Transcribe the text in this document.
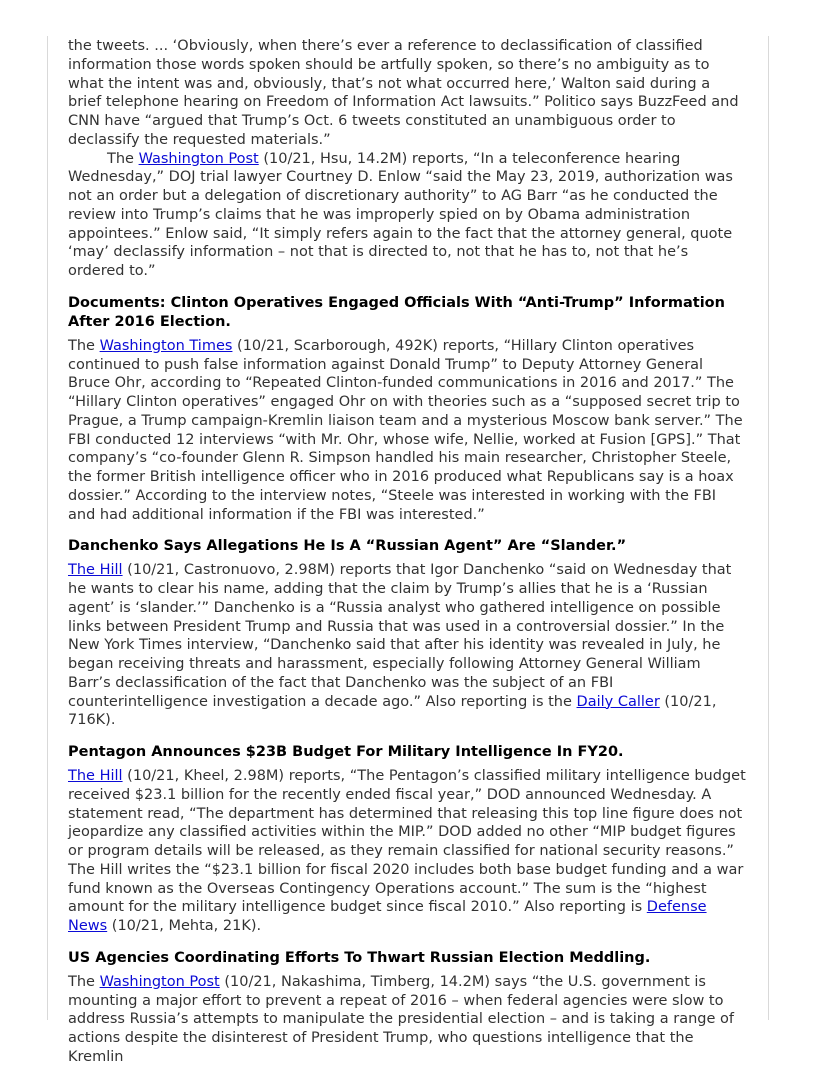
the tweets. ... ‘Obviously, when there’s ever a reference to declassification of classified information those words spoken should be artfully spoken, so there’s no ambiguity as to what the intent was and, obviously, that’s not what occurred here,’ Walton said during a brief telephone hearing on Freedom of Information Act lawsuits.” Politico says BuzzFeed and CNN have “argued that Trump’s Oct. 6 tweets constituted an unambiguous order to declassify the requested materials.”

The Washington Post (10/21, Hsu, 14.2M) reports, “In a teleconference hearing Wednesday,” DOJ trial lawyer Courtney D. Enlow “said the May 23, 2019, authorization was not an order but a delegation of discretionary authority” to AG Barr “as he conducted the review into Trump’s claims that he was improperly spied on by Obama administration appointees.” Enlow said, “It simply refers again to the fact that the attorney general, quote ‘may’ declassify information – not that is directed to, not that he has to, not that he’s ordered to.”

Documents: Clinton Operatives Engaged Officials With “Anti-Trump” Information After 2016 Election.

The Washington Times (10/21, Scarborough, 492K) reports, “Hillary Clinton operatives continued to push false information against Donald Trump” to Deputy Attorney General Bruce Ohr, according to “Repeated Clinton-funded communications in 2016 and 2017.” The “Hillary Clinton operatives” engaged Ohr on with theories such as a “supposed secret trip to Prague, a Trump campaign-Kremlin liaison team and a mysterious Moscow bank server.” The FBI conducted 12 interviews “with Mr. Ohr, whose wife, Nellie, worked at Fusion [GPS].” That company’s “co-founder Glenn R. Simpson handled his main researcher, Christopher Steele, the former British intelligence officer who in 2016 produced what Republicans say is a hoax dossier.” According to the interview notes, “Steele was interested in working with the FBI and had additional information if the FBI was interested.”

Danchenko Says Allegations He Is A “Russian Agent” Are “Slander.”

The Hill (10/21, Castronuovo, 2.98M) reports that Igor Danchenko “said on Wednesday that he wants to clear his name, adding that the claim by Trump’s allies that he is a ‘Russian agent’ is ‘slander.’” Danchenko is a “Russia analyst who gathered intelligence on possible links between President Trump and Russia that was used in a controversial dossier.” In the New York Times interview, “Danchenko said that after his identity was revealed in July, he began receiving threats and harassment, especially following Attorney General William Barr’s declassification of the fact that Danchenko was the subject of an FBI counterintelligence investigation a decade ago.” Also reporting is the Daily Caller (10/21, 716K).

Pentagon Announces $23B Budget For Military Intelligence In FY20.

The Hill (10/21, Kheel, 2.98M) reports, “The Pentagon’s classified military intelligence budget received $23.1 billion for the recently ended fiscal year,” DOD announced Wednesday. A statement read, “The department has determined that releasing this top line figure does not jeopardize any classified activities within the MIP.” DOD added no other “MIP budget figures or program details will be released, as they remain classified for national security reasons.” The Hill writes the “$23.1 billion for fiscal 2020 includes both base budget funding and a war fund known as the Overseas Contingency Operations account.” The sum is the “highest amount for the military intelligence budget since fiscal 2010.” Also reporting is Defense News (10/21, Mehta, 21K).

US Agencies Coordinating Efforts To Thwart Russian Election Meddling.

The Washington Post (10/21, Nakashima, Timberg, 14.2M) says “the U.S. government is mounting a major effort to prevent a repeat of 2016 – when federal agencies were slow to address Russia’s attempts to manipulate the presidential election – and is taking a range of actions despite the disinterest of President Trump, who questions intelligence that the Kremlin
